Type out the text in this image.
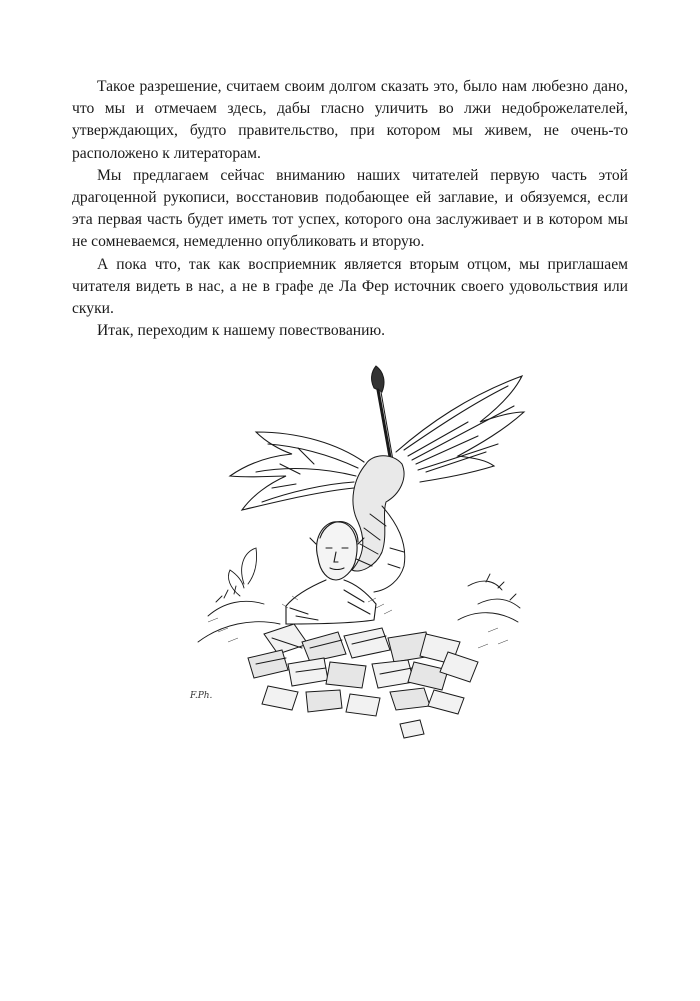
Такое разрешение, считаем своим долгом сказать это, было нам любезно дано, что мы и отмечаем здесь, дабы гласно уличить во лжи недоброжелателей, утверждающих, будто правительство, при котором мы живем, не очень-то расположено к литераторам.

Мы предлагаем сейчас вниманию наших читателей первую часть этой драгоценной рукописи, восстановив подобающее ей заглавие, и обязуемся, если эта первая часть будет иметь тот успех, которого она заслуживает и в котором мы не сомневаемся, немедленно опубликовать и вторую.

А пока что, так как восприемник является вторым отцом, мы приглашаем читателя видеть в нас, а не в графе де Ла Фер источник своего удовольствия или скуки.

Итак, переходим к нашему повествованию.

F.Ph.
